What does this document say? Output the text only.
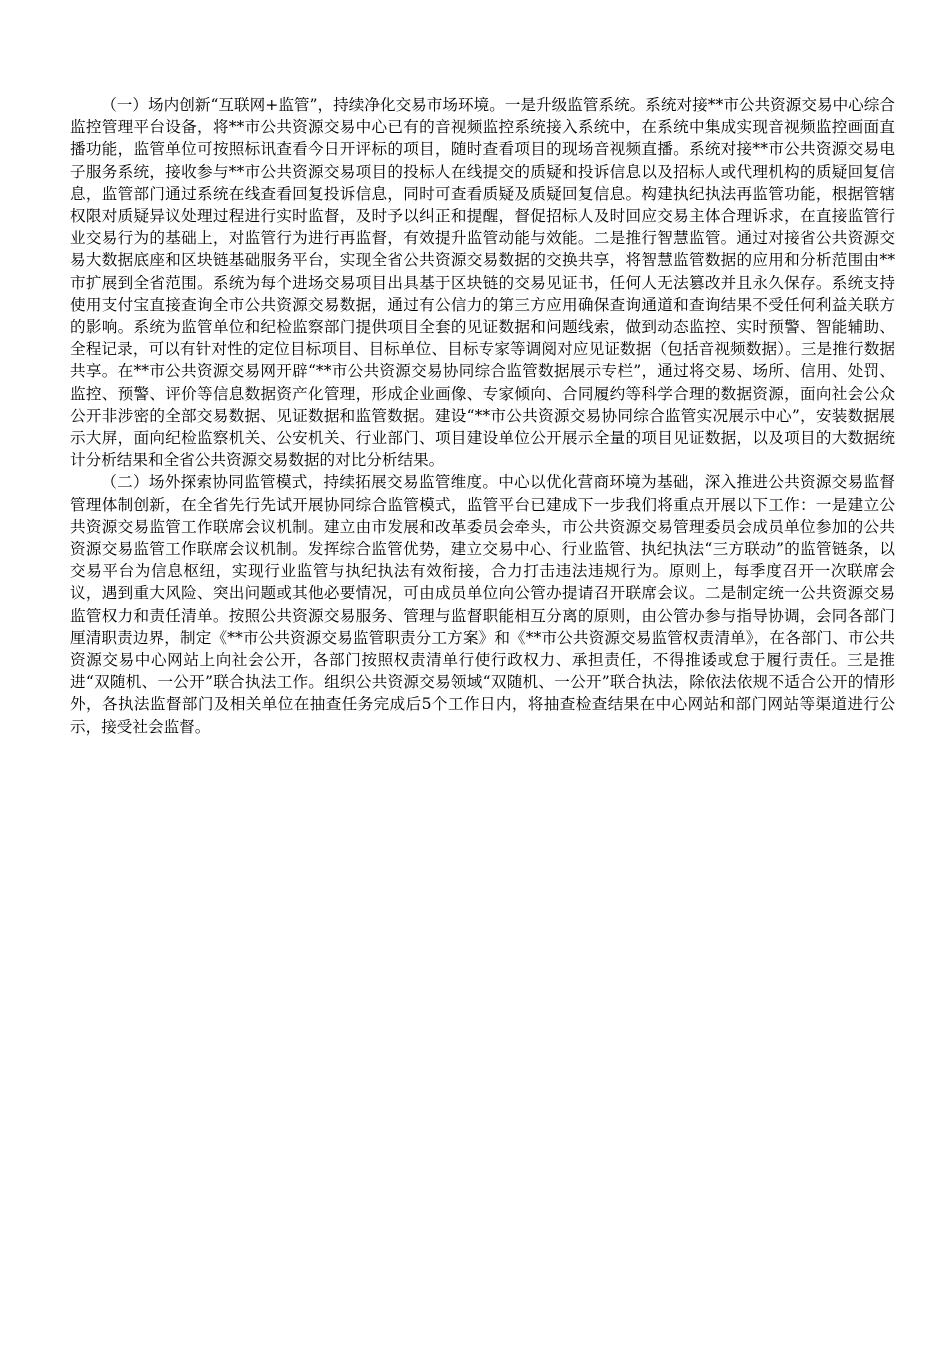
（一）场内创新“互联网+监管”，持续净化交易市场环境。一是升级监管系统。系统对接**市公共资源交易中心综合监控管理平台设备，将**市公共资源交易中心已有的音视频监控系统接入系统中，在系统中集成实现音视频监控画面直播功能，监管单位可按照标讯查看今日开评标的项目，随时查看项目的现场音视频直播。系统对接**市公共资源交易电子服务系统，接收参与**市公共资源交易项目的投标人在线提交的质疑和投诉信息以及招标人或代理机构的质疑回复信息，监管部门通过系统在线查看回复投诉信息，同时可查看质疑及质疑回复信息。构建执纪执法再监管功能，根据管辖权限对质疑异议处理过程进行实时监督，及时予以纠正和提醒，督促招标人及时回应交易主体合理诉求，在直接监管行业交易行为的基础上，对监管行为进行再监督，有效提升监管动能与效能。二是推行智慧监管。通过对接省公共资源交易大数据底座和区块链基础服务平台，实现全省公共资源交易数据的交换共享，将智慧监管数据的应用和分析范围由**市扩展到全省范围。系统为每个进场交易项目出具基于区块链的交易见证书，任何人无法篡改并且永久保存。系统支持使用支付宝直接查询全市公共资源交易数据，通过有公信力的第三方应用确保查询通道和查询结果不受任何利益关联方的影响。系统为监管单位和纪检监察部门提供项目全套的见证数据和问题线索，做到动态监控、实时预警、智能辅助、全程记录，可以有针对性的定位目标项目、目标单位、目标专家等调阅对应见证数据（包括音视频数据）。三是推行数据共享。在**市公共资源交易网开辟“**市公共资源交易协同综合监管数据展示专栏”，通过将交易、场所、信用、处罚、监控、预警、评价等信息数据资产化管理，形成企业画像、专家倾向、合同履约等科学合理的数据资源，面向社会公众公开非涉密的全部交易数据、见证数据和监管数据。建设“**市公共资源交易协同综合监管实况展示中心”，安装数据展示大屏，面向纪检监察机关、公安机关、行业部门、项目建设单位公开展示全量的项目见证数据，以及项目的大数据统计分析结果和全省公共资源交易数据的对比分析结果。

（二）场外探索协同监管模式，持续拓展交易监管维度。中心以优化营商环境为基础，深入推进公共资源交易监督管理体制创新，在全省先行先试开展协同综合监管模式，监管平台已建成下一步我们将重点开展以下工作：一是建立公共资源交易监管工作联席会议机制。建立由市发展和改革委员会牵头，市公共资源交易管理委员会成员单位参加的公共资源交易监管工作联席会议机制。发挥综合监管优势，建立交易中心、行业监管、执纪执法“三方联动”的监管链条，以交易平台为信息枢纽，实现行业监管与执纪执法有效衔接，合力打击违法违规行为。原则上，每季度召开一次联席会议，遇到重大风险、突出问题或其他必要情况，可由成员单位向公管办提请召开联席会议。二是制定统一公共资源交易监管权力和责任清单。按照公共资源交易服务、管理与监督职能相互分离的原则，由公管办参与指导协调，会同各部门厘清职责边界，制定《**市公共资源交易监管职责分工方案》和《**市公共资源交易监管权责清单》，在各部门、市公共资源交易中心网站上向社会公开，各部门按照权责清单行使行政权力、承担责任，不得推诿或怠于履行责任。三是推进“双随机、一公开”联合执法工作。组织公共资源交易领域“双随机、一公开”联合执法，除依法依规不适合公开的情形外，各执法监督部门及相关单位在抽查任务完成后5个工作日内，将抽查检查结果在中心网站和部门网站等渠道进行公示，接受社会监督。
